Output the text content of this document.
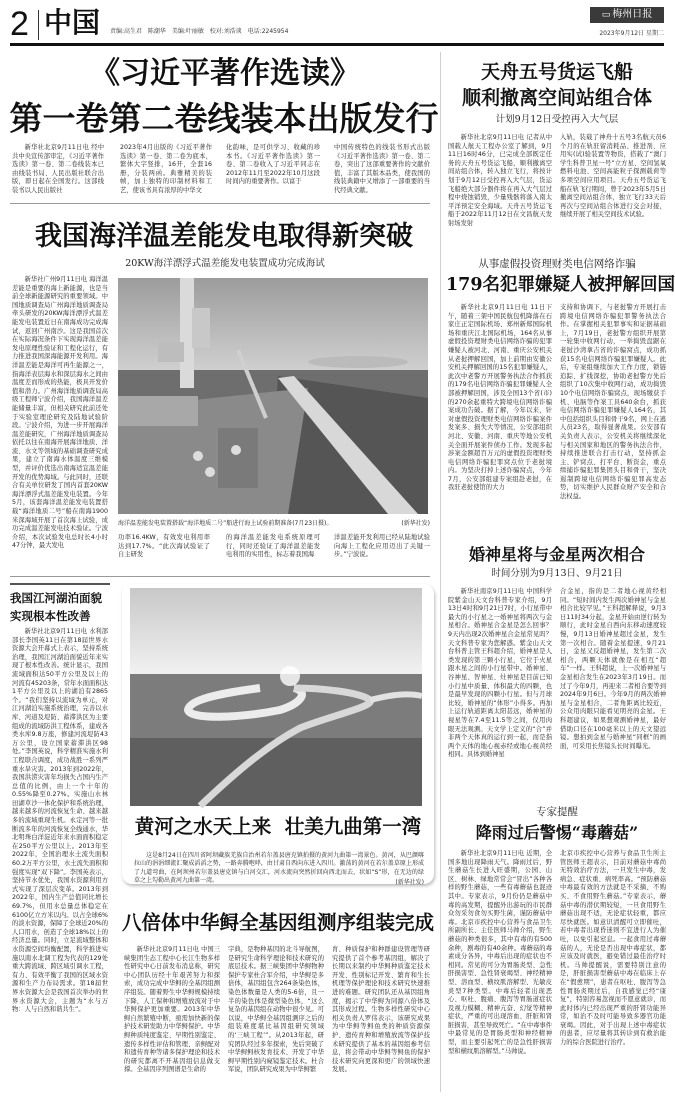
2 中国 责编:高生君 陈潮华 美编:叶丽敏 校对:刘浩谈 电话:2245954
▭ 梅州日报
2023年9月12日 星期二
《习近平著作选读》
第一卷第二卷线装本出版发行

新华社北京9月11日电 经中共中央宣传部审定，《习近平著作选读》第一卷、第二卷线装本已由线装书局、人民出版社联合出版，即日起在全国发行。这部线装书以人民出版社

2023年4月出版的《习近平著作选读》第一卷、第二卷为底本，繁体大字竖排，16开，全套16册，分装两函。典雅精美的装帧，加上独特的印制材料和工艺，使该书具有浓厚的中华文

化韵味，是可供学习、收藏的珍本书。《习近平著作选读》第一卷、第二卷收入了习近平同志在2012年11月至2022年10月这段时间内的重要著作。以富于

中国传统特色的线装书形式出版《习近平著作选读》第一卷、第二卷，突出了这部重要著作的文献价值，丰富了其版本品类，使我国的线装典籍中又增添了一部重要的当代经典文献。

天舟五号货运飞船
顺利撤离空间站组合体
计划9月12日受控再入大气层

新华社北京9月11日电 记者从中国载人航天工程办公室了解到，9月11日16时46分，已完成全部既定任务的天舟五号货运飞船，顺利撤离空间站组合体，转入独立飞行，将按计划于9月12日受控再入大气层，货运飞船绝大部分器件将在再入大气层过程中烧蚀销毁，少量残骸将落入南太平洋预定安全海域。天舟五号货运飞船于2022年11月12日在文昌航天发射场发射

入轨，装载了神舟十五号3名航天员6个月的在轨驻留消耗品、推进剂、应用实(试)验装置等物资，搭载了“澳门学生科普卫星一号”立方星、空间氢氧燃料电池、空间高能粒子探测载荷等多项空间应用项目。天舟五号货运飞船在轨飞行期间，曾于2023年5月5日撤离空间站组合体，独立飞行33天后再次与空间站组合体进行交会对接，继续开展了相关空间技术试验。

我国海洋温差能发电取得新突破
20KW海洋漂浮式温差能发电装置成功完成海试

新华社广州9月11日电 海洋温差能是重要的海上新能源，也是当前全球新能源研究的重要领域。中国地质调查局广州海洋地质调查局牵头研发的20KW海洋漂浮式温差能发电装置近日在南海成功完成海试，返回广州南沙。这是我国首次在实际海况条件下实现海洋温差能发电原理性验证和工程化运行，有力推进我国深海能源开发利用。海洋温差能是海洋可再生能源之一，指海洋表层海水和深层海水之间由温度差而形成的热能，极具开发价值和潜力。广州海洋地质调查局高级工程师宁波介绍，我国海洋温差能储量丰富，但相关研究此前还处于实验室理论研究及陆地试验阶段。宁波介绍，为进一步开展海洋温差能研究，广州海洋地质调查局依托以往在南海开展海洋地质、洋流、水文等领域的基础调查研究成果，建立了南海水体温度三维模型，并评价优选出南海适宜温差能开发的优势海域。与此同时，还联合有关单位研发了国内首套20KW海洋漂浮式温差能发电装置。今年5月，该套海洋温差能发电装置搭载“海洋地质二号”船在南海1900米深海域开展了首次海上试验，成功完成温差能发电技术验证。宁波介绍，本次试验发电总时长4小时47分钟，最大发电

海洋温差能发电装置搭载“海洋地质二号”船进行海上试验前期准备(7月23日摄)。	(新华社发)

功率16.4KW，有效发电利用率达到17.7%。“此次海试验证了自主研发

的海洋温差能发电系统原理可行，同时还验证了海洋温差能发电利用的实用性，标志着我国海

洋温差能开发利用已经从陆地试验向海上工程化应用迈出了关键一步。”宁波说。

从事虚假投资理财类电信网络诈骗
179名犯罪嫌疑人被押解回国

新华社北京9月11日电 11日下午，随着三架中国民航包机降落在石家庄正定国际机场、郑州新郑国际机场和重庆江北国际机场，164名从事虚假投资理财类电信网络诈骗的犯罪嫌疑人被河北、河南、重庆公安机关从老挝押解回国，加上前期由安徽公安机关押解回国的15名犯罪嫌疑人，此次中老警方开展警务执法合作抓获的179名电信网络诈骗犯罪嫌疑人全部被押解回国，涉及全国13个省(市)的270余起重特大跨境电信网络诈骗案成功告破。据了解，今年以来，针对虚假投资理财类电信网络诈骗案件发案多、损失大等情况，公安部组织河北、安徽、河南、重庆等地公安机关全面开展案件侦办工作。发现多起涉案金额超百万元的虚假投资理财类电信网络诈骗犯罪窝点位于老挝境内。为坚决打掉上述诈骗窝点，今年7月，公安部组建专案组赴老挝，在我驻老挝使馆的大力

支持和协调下，与老挝警方开展打击跨境电信网络诈骗犯罪警务执法合作。在掌握相关犯罪事实和证据基础上，7月19日，老挝警方组织开展第一轮集中收网行动，一举捣毁盘踞在老挝沙湾拿吉省的诈骗窝点，成功抓获15名电信网络诈骗犯罪嫌疑人。此后，专案组继续加大工作力度，锁链追踪、扩线深挖，协助老挝警方先后组织了10次集中收网行动，成功捣毁10个电信网络诈骗窝点，现场缴获手机、电脑等作案工具640余台，抓获电信网络诈骗犯罪嫌疑人164名，其中包括组织头目和骨干9名、网上在逃人员23名，取得显著战果。公安部有关负责人表示，公安机关将继续深化与相关国家和地区的警务执法合作，持续推进联合打击行动，坚持抓金主、铲窝点、打平台、断资金，重点缉捕诈骗犯罪集团头目和骨干，坚决遏制跨境电信网络诈骗犯罪高发态势，切实维护人民群众财产安全和合法权益。

我国江河湖泊面貌
实现根本性改善

新华社北京9月11日电 水利部部长李国英11日在第18届世界水资源大会开幕式上表示，坚持系统治理，我国江河湖泊面貌近年来实现了根本性改善。统计显示，我国流域面积达50平方公里及以上的河流有45203条，常年水面面积达1平方公里及以上的湖泊有2865个。“我们坚持以流域为单元，对江河湖泊实施系统治理，完善以水库、河道及堤防、蓄滞洪区为主要组成的流域防洪工程体系，建成各类水库9.8万座，修建河流堤防43万公里，设立国家蓄滞洪区98处。”李国英说，科学精准实施水利工程联合调度，成功战胜一系列严重水旱灾害。2013年到2022年，我国洪涝灾害年均损失占国内生产总值的比例，由上一个十年的0.55%降至0.27%。实施山水林田湖草沙一体化保护和系统治理，越来越多的河流恢复生命、越来越多的流域重现生机。永定河等一批断流多年的河流恢复全线通水，华北明珠白洋淀近年来水面面积稳定在250平方公里以上。2013年至2022年，全国治理水土流失面积60.2万平方公里，水土流失面积和强度实现“双下降”。李国英表示，坚持节水优先，我国水资源利用方式实现了深层次变革。2013年到2022年，国内生产总值同比增长69.7%，但用水总量总体稳定在6100亿立方米以内。以占全球6%的淡水资源，保障了全球近20%的人口用水，创造了全球18%以上的经济总量。同时，立足流域整体和水资源空间均衡配置，科学推进实施以南水北调工程为代表的129处重大跨流域、跨区域引调水工程，有力、有效平衡了我国的区域水资源和生产力布局需求。第18届世界水资源大会是我国首次举办的世界水资源大会，主题为“水与万物：人与自然和谐共生”。

黄河之水天上来  壮美九曲第一湾

这是8月24日在四川省阿坝藏族羌族自治州若尔盖县唐克镇拍摄的黄河九曲第一湾景色。黄河，从巴颜喀拉山的涓涓细流汇聚成滔滔之势，一路奔腾咆哮，由甘肃自西向东进入四川。激荡的黄河在若尔盖草原上形成了九道弯曲，在阿坝州若尔盖县唐克镇与白河交汇，河水流向突然折回向西北而去，状如“S”形，在无边的绿草之上勾勒出黄河九曲第一湾。	(新华社发)
八倍体中华鲟全基因组测序组装完成

新华社北京9月11日电 中国三峡集团生态工程中心长江生物多样性研究中心日前发布消息称，研究中心团队历经十年艰苦努力和探索，成功完成中华鲟的全基因组测序组装。随着野生中华鲟规模持续下降，人工保种和增殖放流对于中华鲟保护更加重要。2013年中华鲟自然繁殖中断，亟需加快新的保护技术研发助力中华鲟保护。中华鲟种质纯度鉴定、早期性别鉴定、遗传多样性评估和管理、亲鲟配对和遗传育种等诸多保护理论和技术的研究都离不开基因组信息做支撑。全基因序列图谱是生命的

字典，是物种基因的北斗导航图，是研究生命科学理论和技术研究的底层技术。据三峡集团中华鲟物种保护专家杜合军介绍，中华鲟是多倍体，基因组包含264条染色体，染色体数量是人类的5-6倍，且一半的染色体是微型染色体，“这么复杂的基因组在动物中很少见。可以说，中华鲟全基因组测序之后的组装难度堪比基因组研究领域的‘三峡工程’”。从2013年起，研究团队经过多年探索，先后突破了中华鲟鲟核发育技术、开发了中华鲟早期性别内窥镜鉴定技术。杜合军说，团队研究成果为中华鲟繁

育、种质保护和种群建设管理等研究提供了首个参考基因组，解决了长期以来制约中华鲟种质鉴定技术开发、性别标记开发、繁育和生长机理等保护理论和技术研究快速推进的难题。研究团队还从基因组角度，揭示了中华鲟为同源八倍体及其形成过程。生物多样性研究中心相关负责人罗伟表示，该研究成果为中华鲟等鲟鱼类的种质资源保护、遗传育种和增殖放流等保护技术研究提供了基本的基因组参考信息，将会带动中华鲟等鲟鱼的保护技术研究向更深和更广的领域快速发展。

婚神星将与金星两次相合
时间分别为9月13日、9月21日

新华社南京9月11日电 中国科学院紫金山天文台科普专家介绍，9月13日4时和9月21日7时，小行星带中最大的小行星之一婚神星将两次与金星相合。婚神星合金星是怎么回事？9天内出现2次婚神星合金星常见吗？天文科普专家为您解惑。紫金山天文台科普主管王科超介绍，婚神星是人类发现的第三颗小行星，它位于火星跟木星之间的小行星带中。婚神星、谷神星、智神星、灶神星是目前已知小行星中质量、体积最大的四颗，也是最早发现的四颗小行星。但与月球比较，婚神星的“体形”小得多。再加上运行轨道距离太阳甚远，婚神星的视星等在7.4至11.5等之间，仅用肉眼无法观测。天文学上定义的“合”并非两个天体真的运行到一起，而是指两个天体的地心视赤经或地心视黄经相同。具体到婚神星

合金星，指的是二者地心视黄经相同。“短时间内发生两次婚神星与金星相合比较罕见。”王科超解释说，9月3日11时34分起，金星开始由逆行转为顺行，此时金星自西向东移动速度较慢，9月13日婚神星超过金星，发生第一次相合。随着金星提速，9月21日，金星又反超婚神星，发生第二次相合，两颗天体就像是在相互“超车”一样。王科超说，上一次婚神星与金星相合发生在2023年3月19日。而过了今年9月，再迎来二者相合要等到2024年9月6日。今年9月的两次婚神星与金星相合，二者角距离比较近，公众用肉眼只能看见明亮的金星。王科超建议，如果想观测婚神星，最好借助口径在100毫米以上的天文望远镜。想拍到金星与婚神星“同框”的画面，可采用长焦镜头长时间曝光。

专家提醒
降雨过后警惕“毒蘑菇”

新华社北京9月11日电 近期，全国多地出现降雨天气。降雨过后，野生蘑菇生长进入旺盛期，公园、山区、树林、绿地常常会“冒出”各种各样的野生蘑菇，一些有毒蘑菇也混迹其中。专家表示，9月份仍是蘑菇中毒的高发期，提醒外出游玩的市民群众勿采勿食勿买野生菌，谨防蘑菇中毒。北京市疾控中心营养与食品卫生所副所长、主任医师马帅介绍，野生蘑菇的种类很多，其中有毒的有500余种，剧毒的有40余种。毒蘑菇的毒素成分各异，中毒后出现的症状也不相同。常见的可分为胃肠炎型、急性肝损害型、急性肾衰竭型、神经精神型、溶血型、横纹肌溶解型、光敏皮炎型7种类型。中毒后轻者出现恶心、呕吐、腹痛、腹泻等胃肠道症状及视力模糊、精神亢奋、幻觉等精神症状，严重的可出现溶血、肝脏和肾脏损害，甚至导致死亡。“在中毒事件中最常见的是胃肠炎型和神经精神型，而主要引起死亡的是急性肝损害型和横纹肌溶解型。”马帅说。

北京市疾控中心营养与食品卫生所主管医师王超表示，目前对蘑菇中毒尚无特效治疗方法，一旦发生中毒，发病急、症状重、病死率高。“预防蘑菇中毒最有效的方法就是不采摘、不购买、不食用野生蘑菇。”专家表示，蘑菇中毒的潜伏期较短，一旦食用野生蘑菇出现不适，无论症状轻重，都应尽快就医。如意识清醒可立即催吐，若中毒者出现昏迷则不宜进行人为催吐，以免引起窒息。一起食用过毒蘑菇的人，无论是否出现中毒症状，都应该及时就医，避免错过最佳治疗时机。马帅提醒说，需要特别注意的是，肝脏损害型蘑菇中毒在临床上存在“假愈期”，患者在呕吐、腹泻等急性胃肠炎期过后，自我感觉已经“康复”，特别容易忽视而不愿意就诊，而此时体内已经出现严重的肝肾功能异常，如治不及时可能导致多器官功能衰竭。因此，对于出现上述中毒症状的患者，应尽量将其转诊到有救治能力的综合医院进行治疗。
